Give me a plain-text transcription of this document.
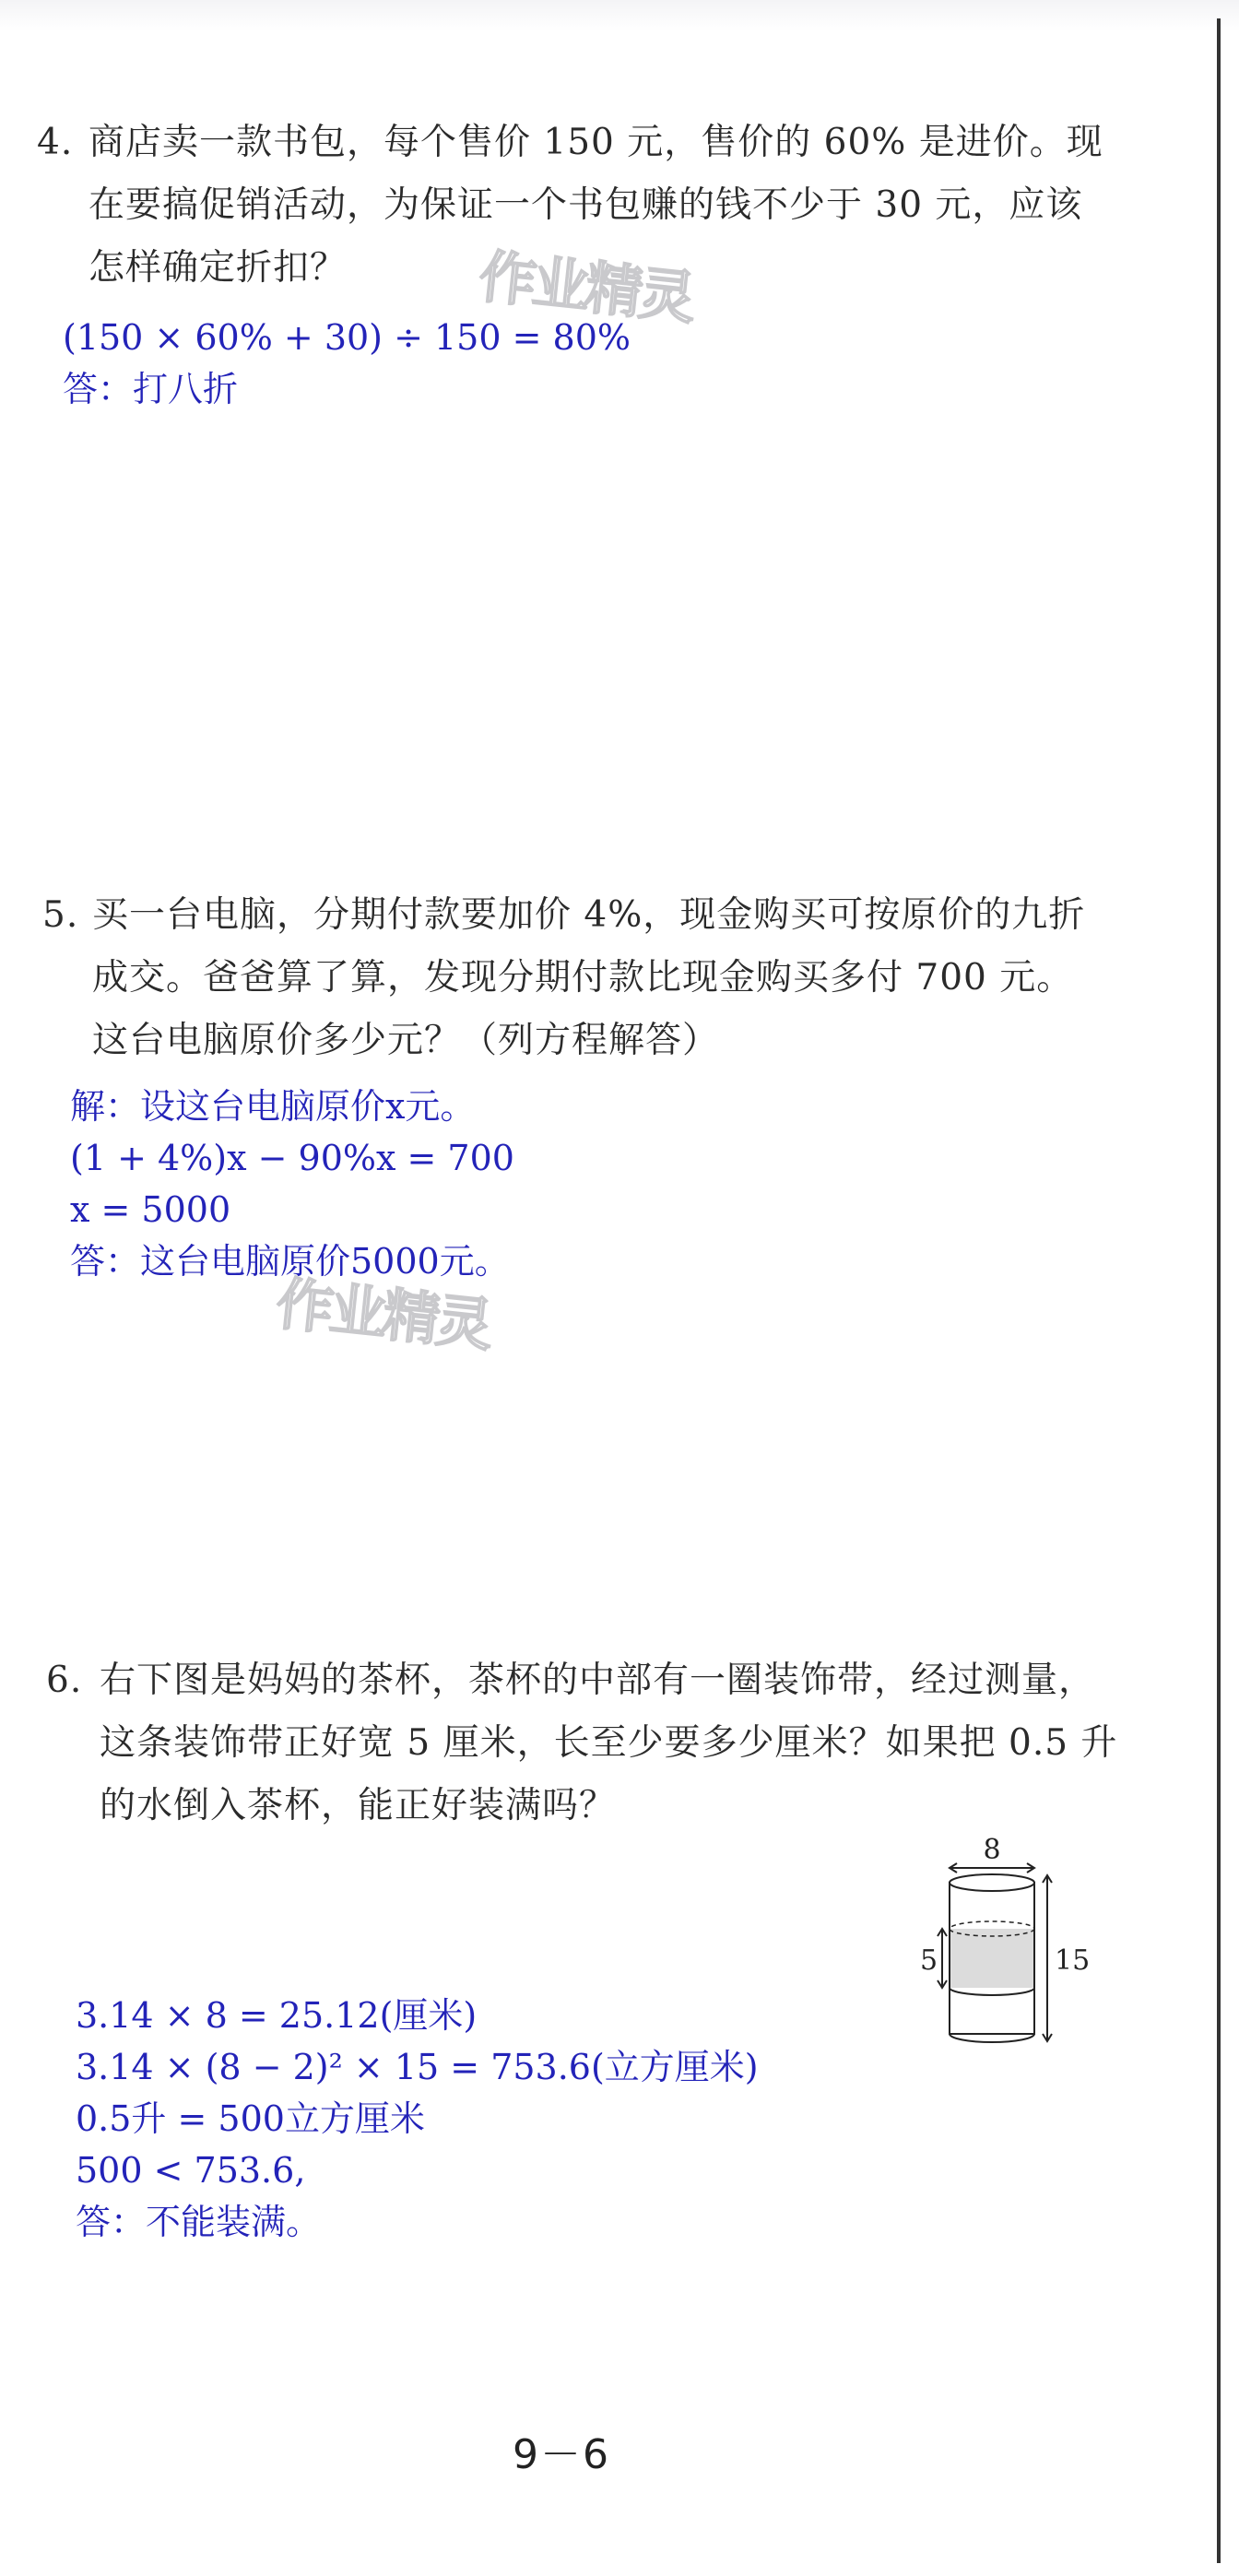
4. 商店卖一款书包，每个售价 150 元，售价的 60% 是进价。现
在要搞促销活动，为保证一个书包赚的钱不少于 30 元，应该
怎样确定折扣？ 作业精灵
(150 × 60% + 30) ÷ 150 = 80%
答：打八折
5. 买一台电脑，分期付款要加价 4%，现金购买可按原价的九折
成交。爸爸算了算，发现分期付款比现金购买多付 700 元。
这台电脑原价多少元？（列方程解答）
解：设这台电脑原价x元。
(1 + 4%)x − 90%x = 700
x = 5000
答：这台电脑原价5000元。
作业精灵
6. 右下图是妈妈的茶杯，茶杯的中部有一圈装饰带，经过测量，
这条装饰带正好宽 5 厘米，长至少要多少厘米？如果把 0.5 升
的水倒入茶杯，能正好装满吗？
8
5	15
3.14 × 8 = 25.12(厘米)
3.14 × (8 − 2)² × 15 = 753.6(立方厘米)
0.5升 = 500立方厘米
500 < 753.6,
答：不能装满。
9－6
